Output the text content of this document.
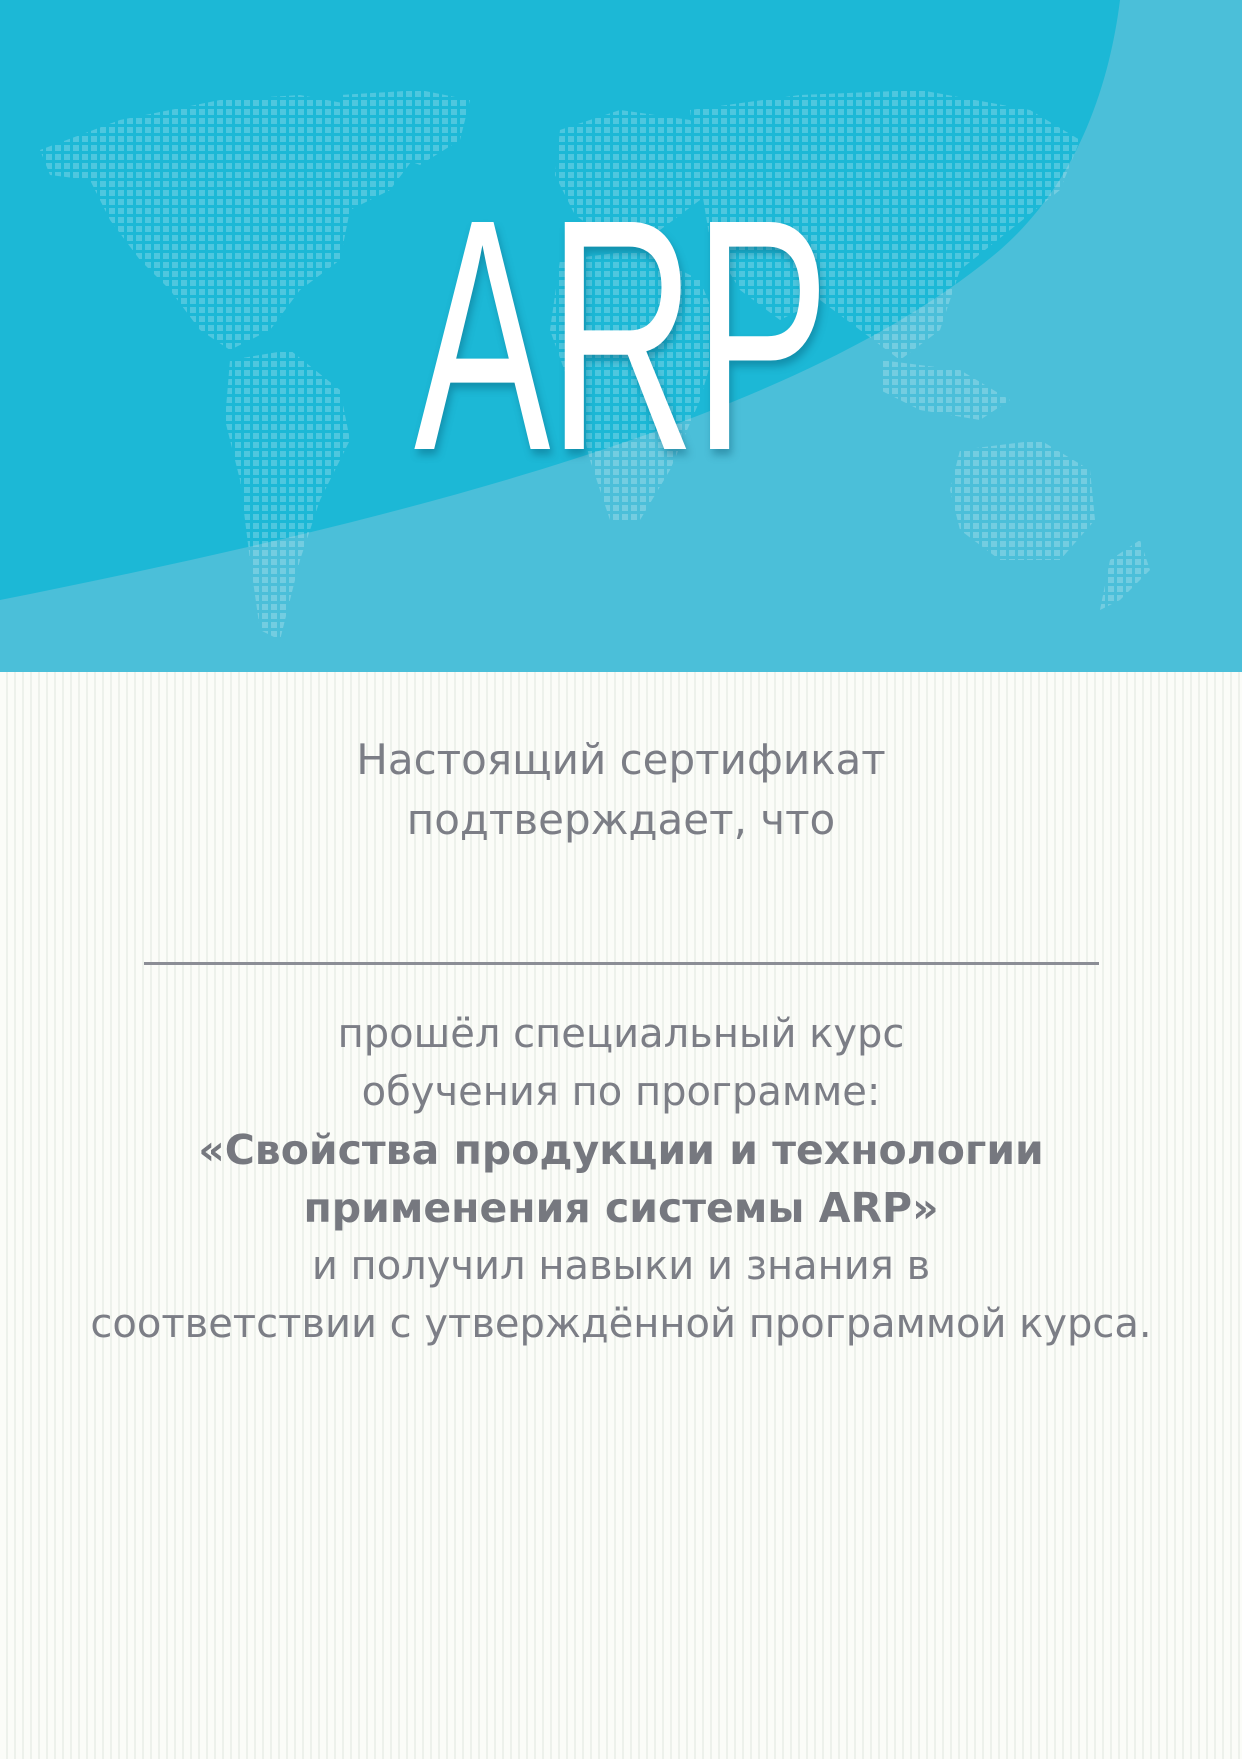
ARP
Настоящий сертификат
подтверждает, что
прошёл специальный курс
обучения по программе:
«Свойства продукции и технологии
применения системы ARP»
и получил навыки и знания в
соответствии с утверждённой программой курса.
